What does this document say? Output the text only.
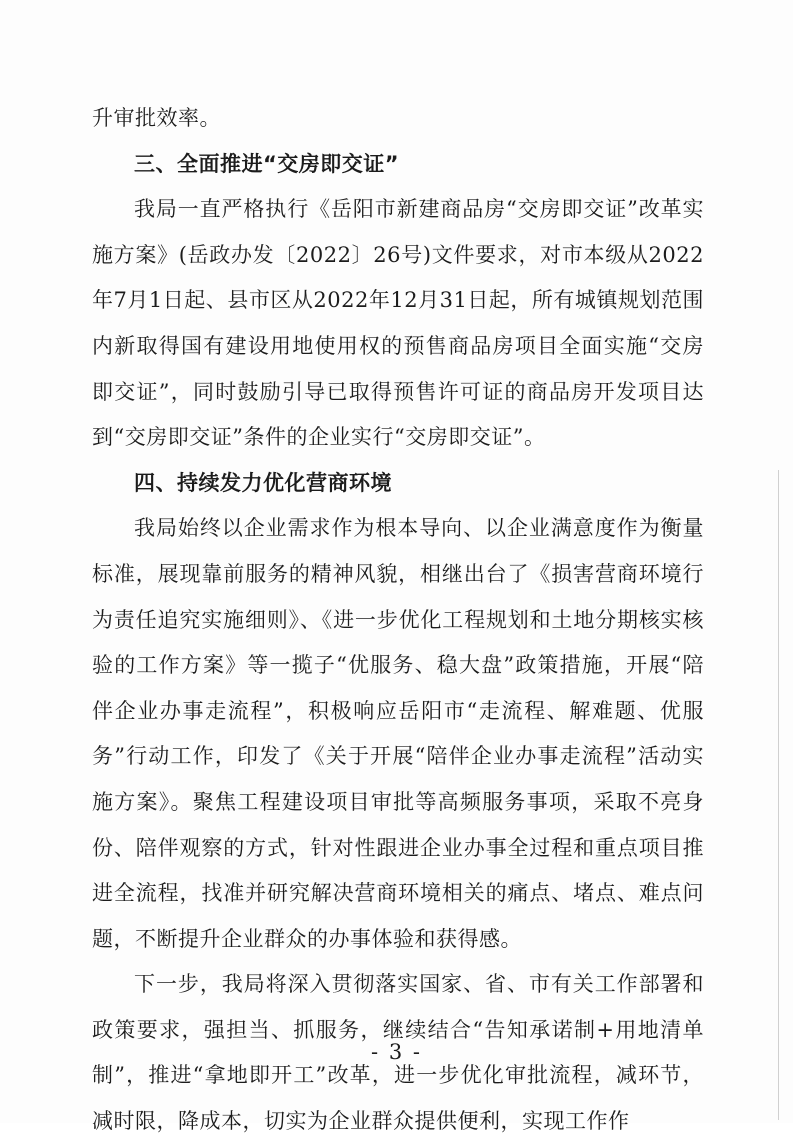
升审批效率。

三、全面推进“交房即交证”

我局一直严格执行《岳阳市新建商品房“交房即交证”改革实施方案》(岳政办发〔2022〕26号)文件要求，对市本级从2022年7月1日起、县市区从2022年12月31日起，所有城镇规划范围内新取得国有建设用地使用权的预售商品房项目全面实施“交房即交证”，同时鼓励引导已取得预售许可证的商品房开发项目达到“交房即交证”条件的企业实行“交房即交证”。

四、持续发力优化营商环境

我局始终以企业需求作为根本导向、以企业满意度作为衡量标准，展现靠前服务的精神风貌，相继出台了《损害营商环境行为责任追究实施细则》、《进一步优化工程规划和土地分期核实核验的工作方案》等一揽子“优服务、稳大盘”政策措施，开展“陪伴企业办事走流程”，积极响应岳阳市“走流程、解难题、优服务”行动工作，印发了《关于开展“陪伴企业办事走流程”活动实施方案》。聚焦工程建设项目审批等高频服务事项，采取不亮身份、陪伴观察的方式，针对性跟进企业办事全过程和重点项目推进全流程，找准并研究解决营商环境相关的痛点、堵点、难点问题，不断提升企业群众的办事体验和获得感。

下一步，我局将深入贯彻落实国家、省、市有关工作部署和政策要求，强担当、抓服务，继续结合“告知承诺制+用地清单制”，推进“拿地即开工”改革，进一步优化审批流程，减环节，减时限，降成本，切实为企业群众提供便利，实现工作作

- 3 -
